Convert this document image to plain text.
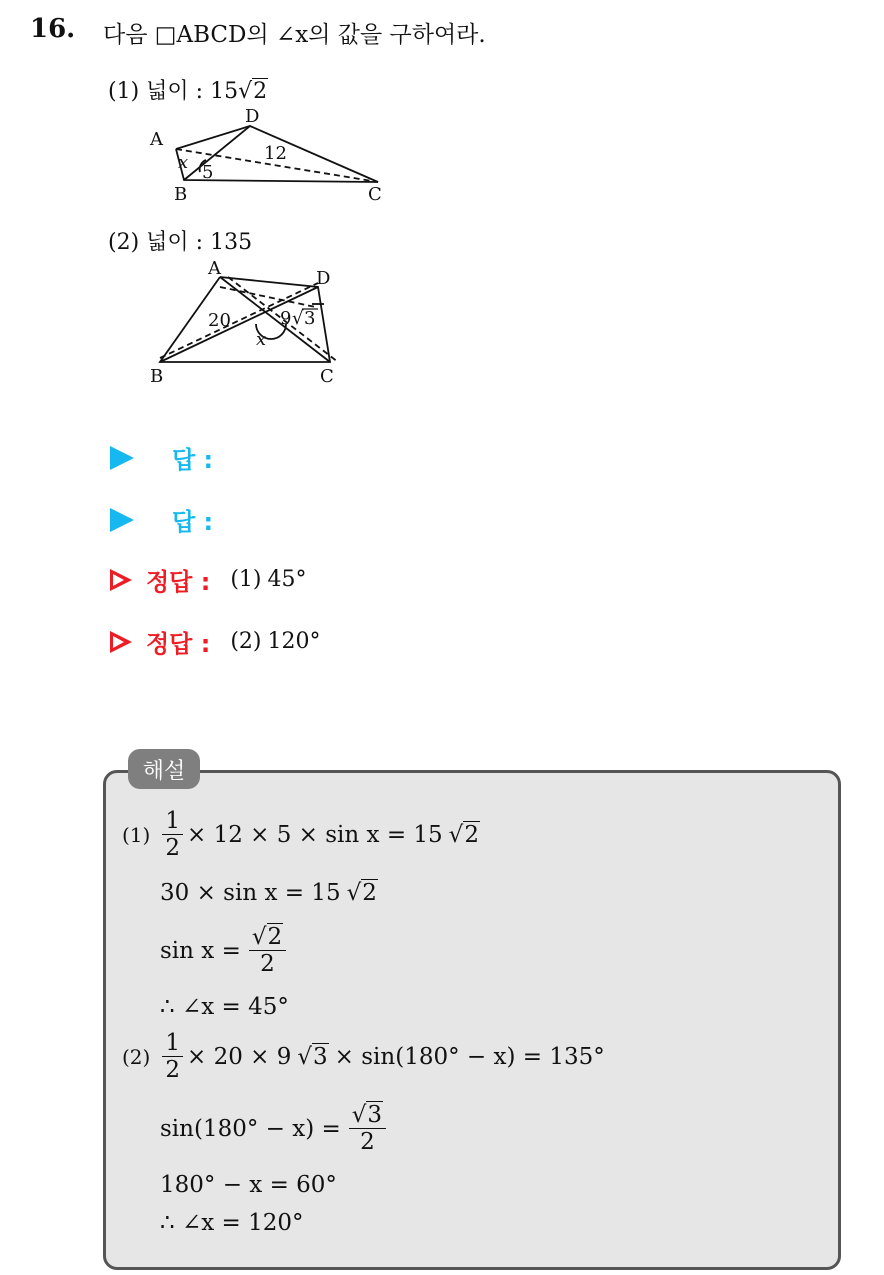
16. 다음 □ABCD의 ∠x의 값을 구하여라.
(1) 넓이 : 15√2
A
D
B	C
x 5
12
(2) 넓이 : 135
A	D
B	C
x
20	9 √ 3
답 :
답 :
정답 : (1) 45°
정답 : (2) 120°
해설
$(1) \frac{1}{2} \times 12 \times 5 \times \sin x = 15$ √2
30 × sin x = 15 √2
$\sin x = \frac{√2}{2}$
∴ ∠x = 45°
$(2) \frac{1}{2} \times 20 \times 9$ √3 × sin(180° − x) = 135°
$\sin(180^\circ - x) = \frac{√3}{2}$
180° − x = 60°
∴ ∠x = 120°
